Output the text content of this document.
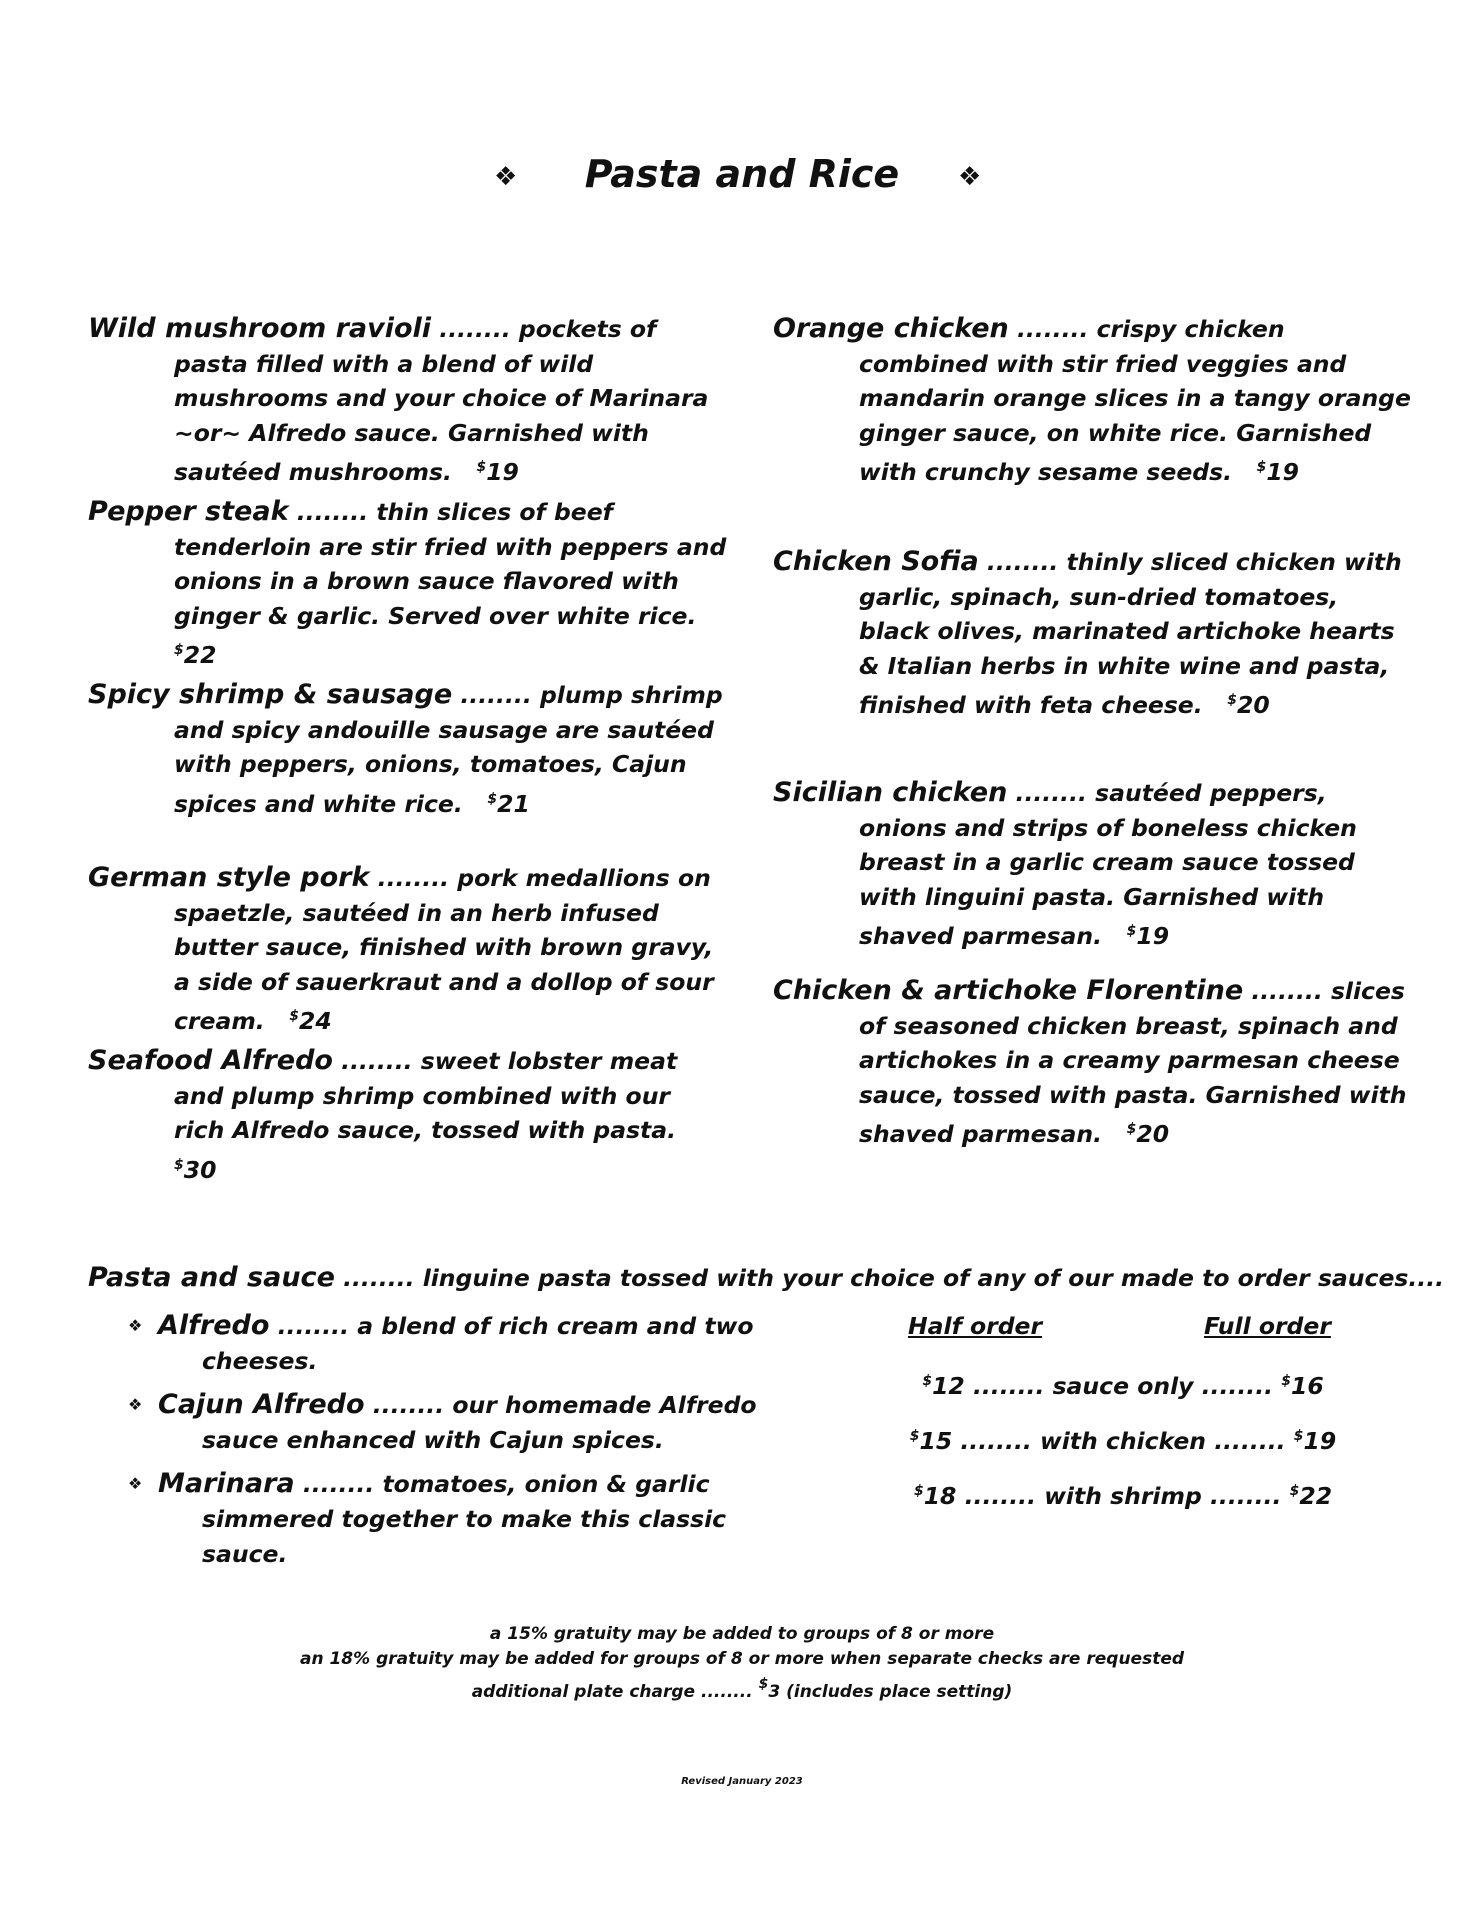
❖	Pasta and Rice	❖

Wild mushroom ravioli ........ pockets of pasta filled with a blend of wild mushrooms and your choice of Marinara ~or~ Alfredo sauce. Garnished with sautéed mushrooms. $19

Pepper steak ........ thin slices of beef tenderloin are stir fried with peppers and onions in a brown sauce flavored with ginger & garlic. Served over white rice.   $22

Spicy shrimp & sausage ........ plump shrimp and spicy andouille sausage are sautéed with peppers, onions, tomatoes, Cajun spices and white rice. $21

German style pork ........ pork medallions on spaetzle, sautéed in an herb infused butter sauce, finished with brown gravy, a side of sauerkraut and a dollop of sour cream. $24

Seafood Alfredo ........ sweet lobster meat and plump shrimp combined with our rich Alfredo sauce, tossed with pasta.   $30

Orange chicken ........ crispy chicken combined with stir fried veggies and mandarin orange slices in a tangy orange ginger sauce, on white rice. Garnished with crunchy sesame seeds. $19

Chicken Sofia ........ thinly sliced chicken with garlic, spinach, sun-dried tomatoes, black olives, marinated artichoke hearts & Italian herbs in white wine and pasta, finished with feta cheese. $20

Sicilian chicken ........ sautéed peppers, onions and strips of boneless chicken breast in a garlic cream sauce tossed with linguini pasta. Garnished with shaved parmesan. $19

Chicken & artichoke Florentine ........ slices of seasoned chicken breast, spinach and artichokes in a creamy parmesan cheese sauce, tossed with pasta. Garnished with shaved parmesan. $20

Pasta and sauce ........ linguine pasta tossed with your choice of any of our made to order sauces....

❖ Alfredo ........ a blend of rich cream and two cheeses.
❖ Cajun Alfredo ........ our homemade Alfredo sauce enhanced with Cajun spices.
❖ Marinara ........ tomatoes, onion & garlic simmered together to make this classic sauce.
Half order	Full order
$12 ........ sauce only ........ $16
$15 ........ with chicken ........ $19
$18 ........ with shrimp ........ $22

a 15% gratuity may be added to groups of 8 or more

an 18% gratuity may be added for groups of 8 or more when separate checks are requested

additional plate charge ........ $3 (includes place setting)

Revised January 2023
